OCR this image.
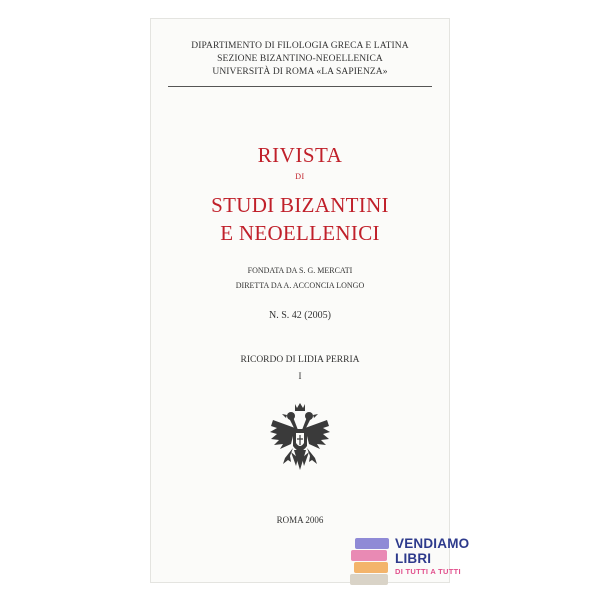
DIPARTIMENTO DI FILOLOGIA GRECA E LATINA
SEZIONE BIZANTINO-NEOELLENICA
UNIVERSITÀ DI ROMA «LA SAPIENZA»
RIVISTA
DI
STUDI BIZANTINI
E NEOELLENICI
FONDATA DA S. G. MERCATI
DIRETTA DA A. ACCONCIA LONGO
N. S. 42 (2005)
RICORDO DI LIDIA PERRIA
I
ROMA 2006
VENDIAMO
LIBRI
DI TUTTI A TUTTI
